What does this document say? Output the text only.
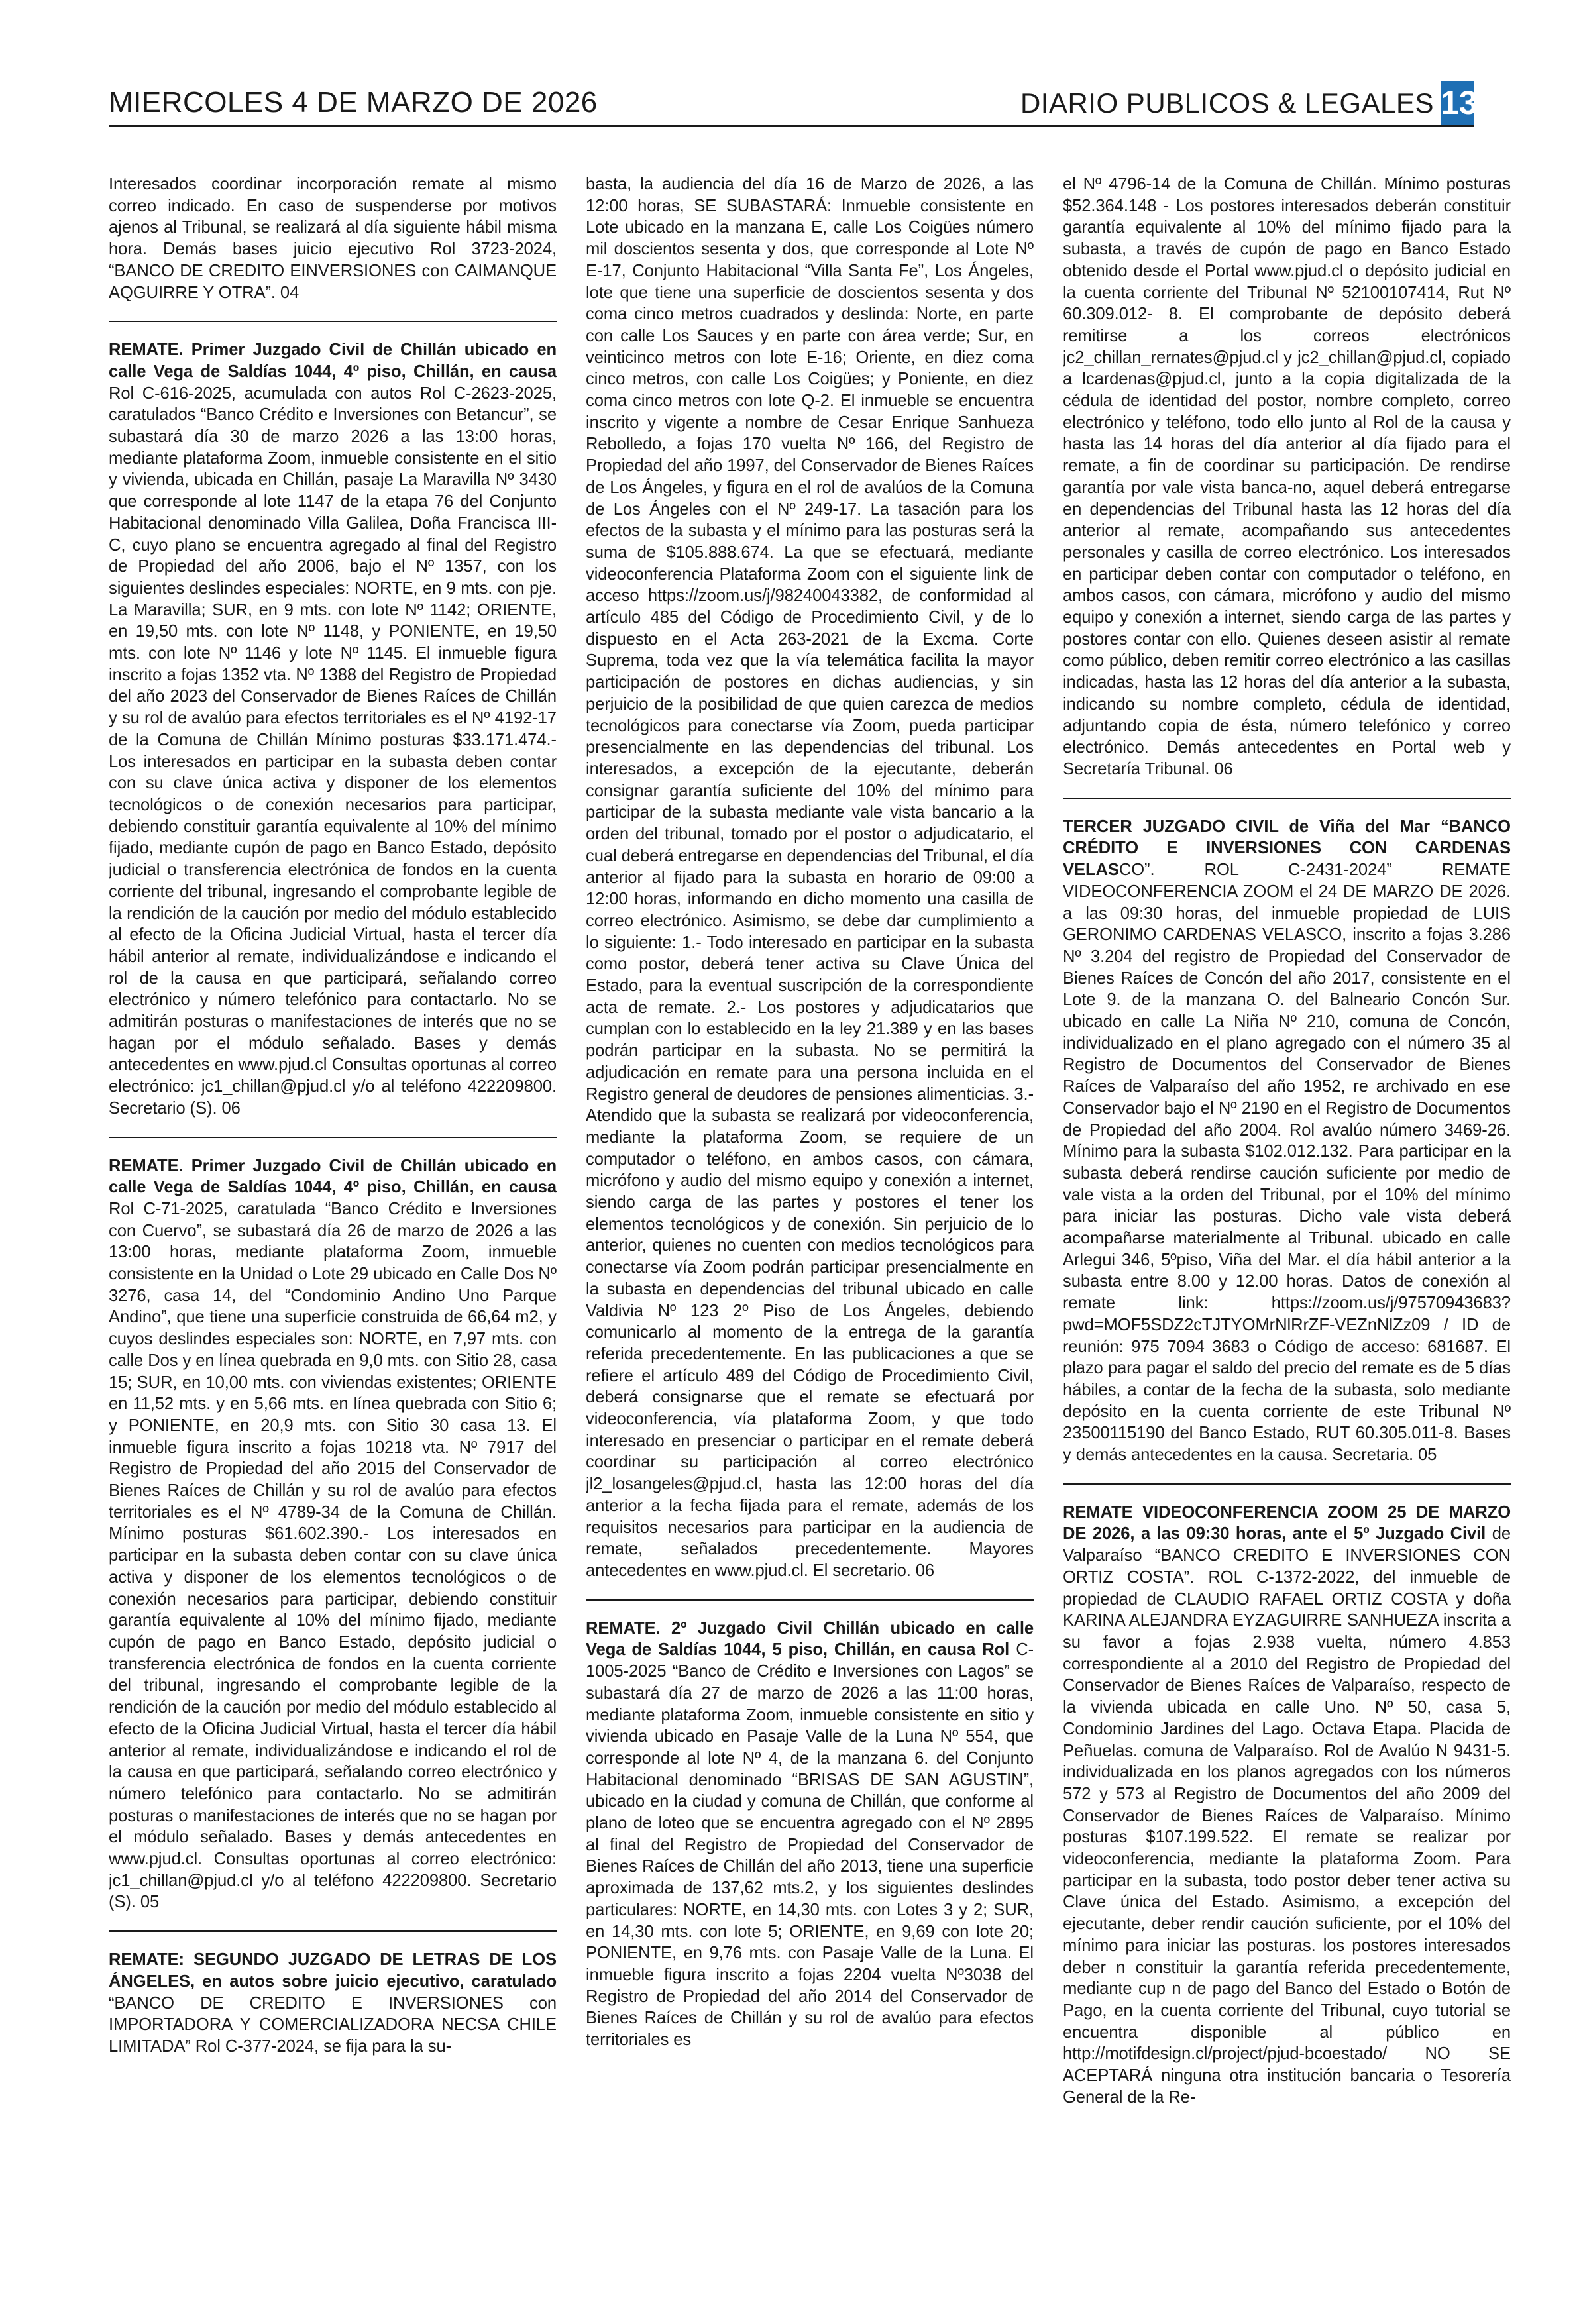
MIERCOLES 4 DE MARZO DE 2026	DIARIO PUBLICOS & LEGALES 13

Interesados coordinar incorporación remate al mismo correo indicado. En caso de suspenderse por motivos ajenos al Tribunal, se realizará al día siguiente hábil misma hora. Demás bases juicio ejecutivo Rol 3723-2024, “BANCO DE CREDITO EINVERSIONES con CAIMANQUE AQGUIRRE Y OTRA”. 04

REMATE. Primer Juzgado Civil de Chillán ubicado en calle Vega de Saldías 1044, 4º piso, Chillán, en causa Rol C-616-2025, acumulada con autos Rol C-2623-2025, caratulados “Banco Crédito e Inversiones con Betancur”, se subastará día 30 de marzo 2026 a las 13:00 horas, mediante plataforma Zoom, inmueble consistente en el sitio y vivienda, ubicada en Chillán, pasaje La Maravilla Nº 3430 que corresponde al lote 1147 de la etapa 76 del Conjunto Habitacional denominado Villa Galilea, Doña Francisca III-C, cuyo plano se encuentra agregado al final del Registro de Propiedad del año 2006, bajo el Nº 1357, con los siguientes deslindes especiales: NORTE, en 9 mts. con pje. La Maravilla; SUR, en 9 mts. con lote Nº 1142; ORIENTE, en 19,50 mts. con lote Nº 1148, y PONIENTE, en 19,50 mts. con lote Nº 1146 y lote Nº 1145. El inmueble figura inscrito a fojas 1352 vta. Nº 1388 del Registro de Propiedad del año 2023 del Conservador de Bienes Raíces de Chillán y su rol de avalúo para efectos territoriales es el Nº 4192-17 de la Comuna de Chillán Mínimo posturas $33.171.474.- Los interesados en participar en la subasta deben contar con su clave única activa y disponer de los elementos tecnológicos o de conexión necesarios para participar, debiendo constituir garantía equivalente al 10% del mínimo fijado, mediante cupón de pago en Banco Estado, depósito judicial o transferencia electrónica de fondos en la cuenta corriente del tribunal, ingresando el comprobante legible de la rendición de la caución por medio del módulo establecido al efecto de la Oficina Judicial Virtual, hasta el tercer día hábil anterior al remate, individualizándose e indicando el rol de la causa en que participará, señalando correo electrónico y número telefónico para contactarlo. No se admitirán posturas o manifestaciones de interés que no se hagan por el módulo señalado. Bases y demás antecedentes en www.pjud.cl Consultas oportunas al correo electrónico: jc1_chillan@pjud.cl y/o al teléfono 422209800. Secretario (S). 06

REMATE. Primer Juzgado Civil de Chillán ubicado en calle Vega de Saldías 1044, 4º piso, Chillán, en causa Rol C-71-2025, caratulada “Banco Crédito e Inversiones con Cuervo”, se subastará día 26 de marzo de 2026 a las 13:00 horas, mediante plataforma Zoom, inmueble consistente en la Unidad o Lote 29 ubicado en Calle Dos Nº 3276, casa 14, del “Condominio Andino Uno Parque Andino”, que tiene una superficie construida de 66,64 m2, y cuyos deslindes especiales son: NORTE, en 7,97 mts. con calle Dos y en línea quebrada en 9,0 mts. con Sitio 28, casa 15; SUR, en 10,00 mts. con viviendas existentes; ORIENTE en 11,52 mts. y en 5,66 mts. en línea quebrada con Sitio 6; y PONIENTE, en 20,9 mts. con Sitio 30 casa 13. El inmueble figura inscrito a fojas 10218 vta. Nº 7917 del Registro de Propiedad del año 2015 del Conservador de Bienes Raíces de Chillán y su rol de avalúo para efectos territoriales es el Nº 4789-34 de la Comuna de Chillán. Mínimo posturas $61.602.390.- Los interesados en participar en la subasta deben contar con su clave única activa y disponer de los elementos tecnológicos o de conexión necesarios para participar, debiendo constituir garantía equivalente al 10% del mínimo fijado, mediante cupón de pago en Banco Estado, depósito judicial o transferencia electrónica de fondos en la cuenta corriente del tribunal, ingresando el comprobante legible de la rendición de la caución por medio del módulo establecido al efecto de la Oficina Judicial Virtual, hasta el tercer día hábil anterior al remate, individualizándose e indicando el rol de la causa en que participará, señalando correo electrónico y número telefónico para contactarlo. No se admitirán posturas o manifestaciones de interés que no se hagan por el módulo señalado. Bases y demás antecedentes en www.pjud.cl. Consultas oportunas al correo electrónico: jc1_chillan@pjud.cl y/o al teléfono 422209800. Secretario (S). 05

REMATE: SEGUNDO JUZGADO DE LETRAS DE LOS ÁNGELES, en autos sobre juicio ejecutivo, caratulado “BANCO DE CREDITO E INVERSIONES con IMPORTADORA Y COMERCIALIZADORA NECSA CHILE LIMITADA” Rol C-377-2024, se fija para la su-

basta, la audiencia del día 16 de Marzo de 2026, a las 12:00 horas, SE SUBASTARÁ: Inmueble consistente en Lote ubicado en la manzana E, calle Los Coigües número mil doscientos sesenta y dos, que corresponde al Lote Nº E-17, Conjunto Habitacional “Villa Santa Fe”, Los Ángeles, lote que tiene una superficie de doscientos sesenta y dos coma cinco metros cuadrados y deslinda: Norte, en parte con calle Los Sauces y en parte con área verde; Sur, en veinticinco metros con lote E-16; Oriente, en diez coma cinco metros, con calle Los Coigües; y Poniente, en diez coma cinco metros con lote Q-2. El inmueble se encuentra inscrito y vigente a nombre de Cesar Enrique Sanhueza Rebolledo, a fojas 170 vuelta Nº 166, del Registro de Propiedad del año 1997, del Conservador de Bienes Raíces de Los Ángeles, y figura en el rol de avalúos de la Comuna de Los Ángeles con el Nº 249-17. La tasación para los efectos de la subasta y el mínimo para las posturas será la suma de $105.888.674. La que se efectuará, mediante videoconferencia Plataforma Zoom con el siguiente link de acceso https://zoom.us/j/98240043382, de conformidad al artículo 485 del Código de Procedimiento Civil, y de lo dispuesto en el Acta 263-2021 de la Excma. Corte Suprema, toda vez que la vía telemática facilita la mayor participación de postores en dichas audiencias, y sin perjuicio de la posibilidad de que quien carezca de medios tecnológicos para conectarse vía Zoom, pueda participar presencialmente en las dependencias del tribunal. Los interesados, a excepción de la ejecutante, deberán consignar garantía suficiente del 10% del mínimo para participar de la subasta mediante vale vista bancario a la orden del tribunal, tomado por el postor o adjudicatario, el cual deberá entregarse en dependencias del Tribunal, el día anterior al fijado para la subasta en horario de 09:00 a 12:00 horas, informando en dicho momento una casilla de correo electrónico. Asimismo, se debe dar cumplimiento a lo siguiente: 1.- Todo interesado en participar en la subasta como postor, deberá tener activa su Clave Única del Estado, para la eventual suscripción de la correspondiente acta de remate. 2.- Los postores y adjudicatarios que cumplan con lo establecido en la ley 21.389 y en las bases podrán participar en la subasta. No se permitirá la adjudicación en remate para una persona incluida en el Registro general de deudores de pensiones alimenticias. 3.- Atendido que la subasta se realizará por videoconferencia, mediante la plataforma Zoom, se requiere de un computador o teléfono, en ambos casos, con cámara, micrófono y audio del mismo equipo y conexión a internet, siendo carga de las partes y postores el tener los elementos tecnológicos y de conexión. Sin perjuicio de lo anterior, quienes no cuenten con medios tecnológicos para conectarse vía Zoom podrán participar presencialmente en la subasta en dependencias del tribunal ubicado en calle Valdivia Nº 123 2º Piso de Los Ángeles, debiendo comunicarlo al momento de la entrega de la garantía referida precedentemente. En las publicaciones a que se refiere el artículo 489 del Código de Procedimiento Civil, deberá consignarse que el remate se efectuará por videoconferencia, vía plataforma Zoom, y que todo interesado en presenciar o participar en el remate deberá coordinar su participación al correo electrónico jl2_losangeles@pjud.cl, hasta las 12:00 horas del día anterior a la fecha fijada para el remate, además de los requisitos necesarios para participar en la audiencia de remate, señalados precedentemente. Mayores antecedentes en www.pjud.cl. El secretario. 06

REMATE. 2º Juzgado Civil Chillán ubicado en calle Vega de Saldías 1044, 5 piso, Chillán, en causa Rol C-1005-2025 “Banco de Crédito e Inversiones con Lagos” se subastará día 27 de marzo de 2026 a las 11:00 horas, mediante plataforma Zoom, inmueble consistente en sitio y vivienda ubicado en Pasaje Valle de la Luna Nº 554, que corresponde al lote Nº 4, de la manzana 6. del Conjunto Habitacional denominado “BRISAS DE SAN AGUSTIN”, ubicado en la ciudad y comuna de Chillán, que conforme al plano de loteo que se encuentra agregado con el Nº 2895 al final del Registro de Propiedad del Conservador de Bienes Raíces de Chillán del año 2013, tiene una superficie aproximada de 137,62 mts.2, y los siguientes deslindes particulares: NORTE, en 14,30 mts. con Lotes 3 y 2; SUR, en 14,30 mts. con lote 5; ORIENTE, en 9,69 con lote 20; PONIENTE, en 9,76 mts. con Pasaje Valle de la Luna. El inmueble figura inscrito a fojas 2204 vuelta Nº3038 del Registro de Propiedad del año 2014 del Conservador de Bienes Raíces de Chillán y su rol de avalúo para efectos territoriales es

el Nº 4796-14 de la Comuna de Chillán. Mínimo posturas $52.364.148 - Los postores interesados deberán constituir garantía equivalente al 10% del mínimo fijado para la subasta, a través de cupón de pago en Banco Estado obtenido desde el Portal www.pjud.cl o depósito judicial en la cuenta corriente del Tribunal Nº 52100107414, Rut Nº 60.309.012- 8. El comprobante de depósito deberá remitirse a los correos electrónicos jc2_chillan_rernates@pjud.cl y jc2_chillan@pjud.cl, copiado a lcardenas@pjud.cl, junto a la copia digitalizada de la cédula de identidad del postor, nombre completo, correo electrónico y teléfono, todo ello junto al Rol de la causa y hasta las 14 horas del día anterior al día fijado para el remate, a fin de coordinar su participación. De rendirse garantía por vale vista banca-no, aquel deberá entregarse en dependencias del Tribunal hasta las 12 horas del día anterior al remate, acompañando sus antecedentes personales y casilla de correo electrónico. Los interesados en participar deben contar con computador o teléfono, en ambos casos, con cámara, micrófono y audio del mismo equipo y conexión a internet, siendo carga de las partes y postores contar con ello. Quienes deseen asistir al remate como público, deben remitir correo electrónico a las casillas indicadas, hasta las 12 horas del día anterior a la subasta, indicando su nombre completo, cédula de identidad, adjuntando copia de ésta, número telefónico y correo electrónico. Demás antecedentes en Portal web y Secretaría Tribunal. 06

TERCER JUZGADO CIVIL de Viña del Mar “BANCO CRÉDITO E INVERSIONES CON CARDENAS VELASCO”. ROL C-2431-2024” REMATE VIDEOCONFERENCIA ZOOM el 24 DE MARZO DE 2026. a las 09:30 horas, del inmueble propiedad de LUIS GERONIMO CARDENAS VELASCO, inscrito a fojas 3.286 Nº 3.204 del registro de Propiedad del Conservador de Bienes Raíces de Concón del año 2017, consistente en el Lote 9. de la manzana O. del Balneario Concón Sur. ubicado en calle La Niña Nº 210, comuna de Concón, individualizado en el plano agregado con el número 35 al Registro de Documentos del Conservador de Bienes Raíces de Valparaíso del año 1952, re archivado en ese Conservador bajo el Nº 2190 en el Registro de Documentos de Propiedad del año 2004. Rol avalúo número 3469-26. Mínimo para la subasta $102.012.132. Para participar en la subasta deberá rendirse caución suficiente por medio de vale vista a la orden del Tribunal, por el 10% del mínimo para iniciar las posturas. Dicho vale vista deberá acompañarse materialmente al Tribunal. ubicado en calle Arlegui 346, 5ºpiso, Viña del Mar. el día hábil anterior a la subasta entre 8.00 y 12.00 horas. Datos de conexión al remate link: https://zoom.us/j/97570943683?pwd=MOF5SDZ2cTJTYOMrNlRrZF-VEZnNlZz09 / ID de reunión: 975 7094 3683 o Código de acceso: 681687. El plazo para pagar el saldo del precio del remate es de 5 días hábiles, a contar de la fecha de la subasta, solo mediante depósito en la cuenta corriente de este Tribunal Nº 23500115190 del Banco Estado, RUT 60.305.011-8. Bases y demás antecedentes en la causa. Secretaria. 05

REMATE VIDEOCONFERENCIA ZOOM 25 DE MARZO DE 2026, a las 09:30 horas, ante el 5º Juzgado Civil de Valparaíso “BANCO CREDITO E INVERSIONES CON ORTIZ COSTA”. ROL C-1372-2022, del inmueble de propiedad de CLAUDIO RAFAEL ORTIZ COSTA y doña KARINA ALEJANDRA EYZAGUIRRE SANHUEZA inscrita a su favor a fojas 2.938 vuelta, número 4.853 correspondiente al a 2010 del Registro de Propiedad del Conservador de Bienes Raíces de Valparaíso, respecto de la vivienda ubicada en calle Uno. Nº 50, casa 5, Condominio Jardines del Lago. Octava Etapa. Placida de Peñuelas. comuna de Valparaíso. Rol de Avalúo N 9431-5. individualizada en los planos agregados con los números 572 y 573 al Registro de Documentos del año 2009 del Conservador de Bienes Raíces de Valparaíso. Mínimo posturas $107.199.522. El remate se realizar por videoconferencia, mediante la plataforma Zoom. Para participar en la subasta, todo postor deber tener activa su Clave única del Estado. Asimismo, a excepción del ejecutante, deber rendir caución suficiente, por el 10% del mínimo para iniciar las posturas. los postores interesados deber n constituir la garantía referida precedentemente, mediante cup n de pago del Banco del Estado o Botón de Pago, en la cuenta corriente del Tribunal, cuyo tutorial se encuentra disponible al público en http://motifdesign.cl/project/pjud-bcoestado/ NO SE ACEPTARÁ ninguna otra institución bancaria o Tesorería General de la Re-
